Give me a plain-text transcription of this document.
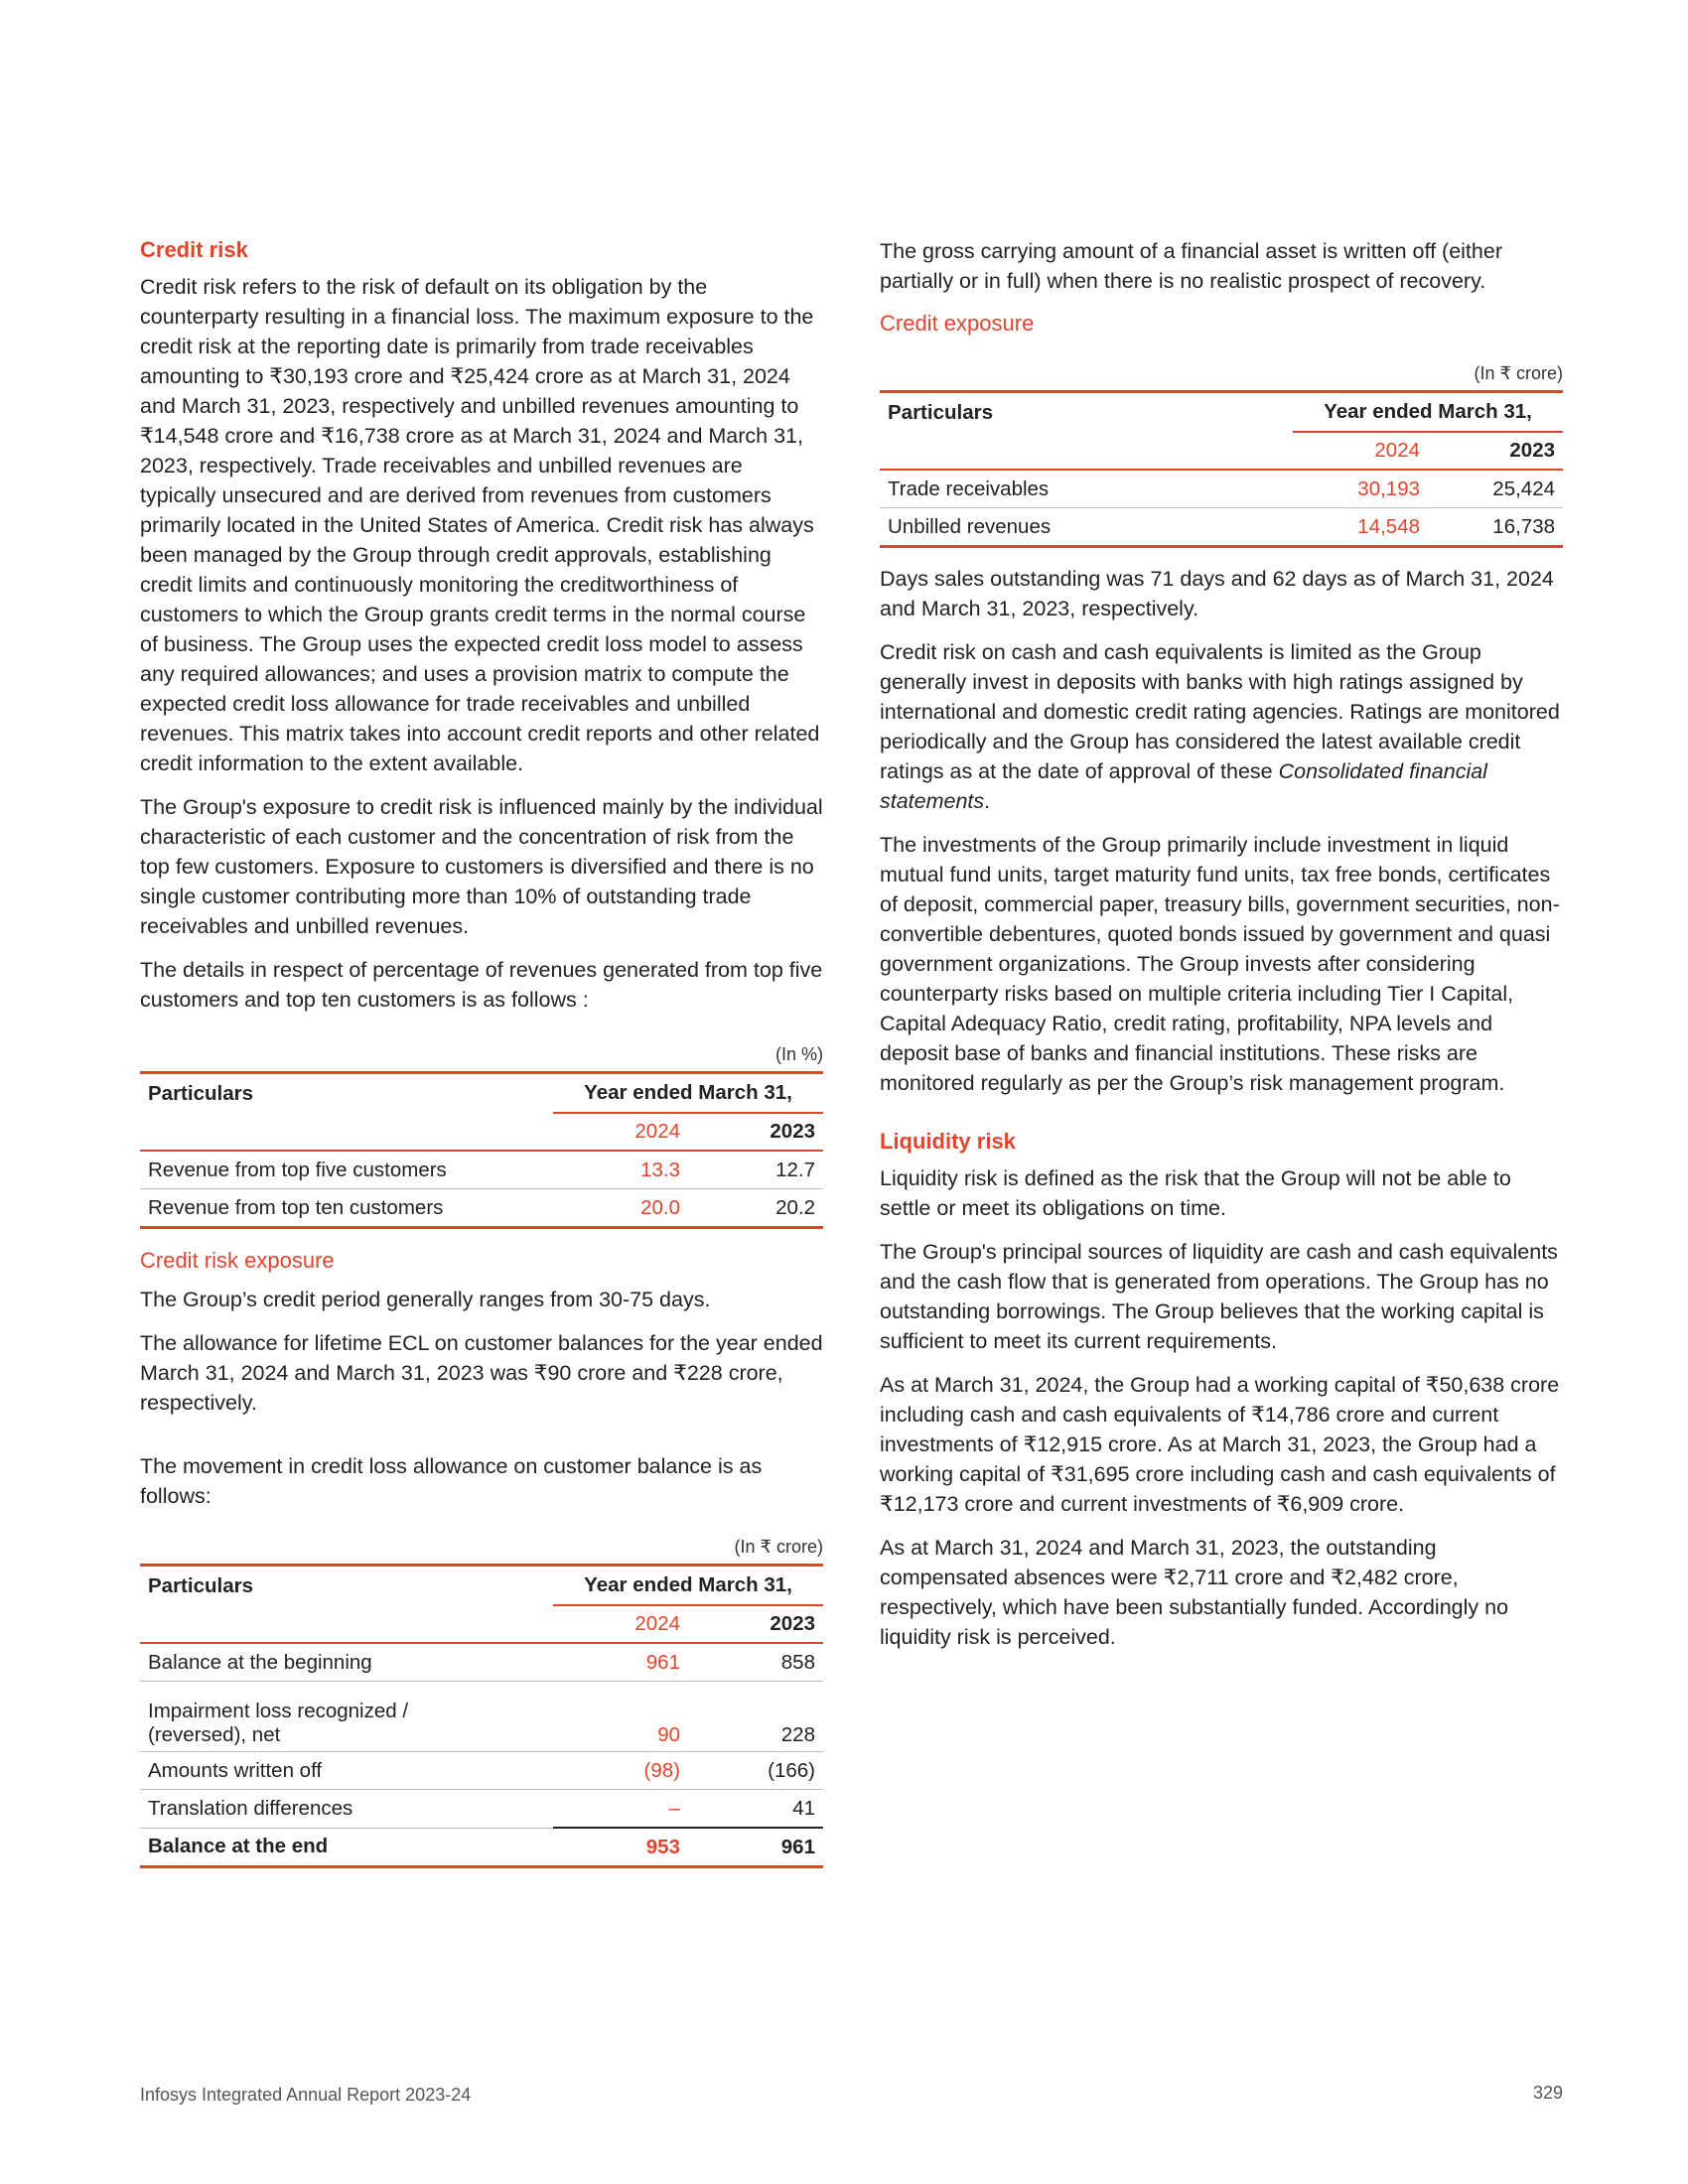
Credit risk

Credit risk refers to the risk of default on its obligation by the counterparty resulting in a financial loss. The maximum exposure to the credit risk at the reporting date is primarily from trade receivables amounting to ₹30,193 crore and ₹25,424 crore as at March 31, 2024 and March 31, 2023, respectively and unbilled revenues amounting to ₹14,548 crore and ₹16,738 crore as at March 31, 2024 and March 31, 2023, respectively. Trade receivables and unbilled revenues are typically unsecured and are derived from revenues from customers primarily located in the United States of America. Credit risk has always been managed by the Group through credit approvals, establishing credit limits and continuously monitoring the creditworthiness of customers to which the Group grants credit terms in the normal course of business. The Group uses the expected credit loss model to assess any required allowances; and uses a provision matrix to compute the expected credit loss allowance for trade receivables and unbilled revenues. This matrix takes into account credit reports and other related credit information to the extent available.

The Group's exposure to credit risk is influenced mainly by the individual characteristic of each customer and the concentration of risk from the top few customers. Exposure to customers is diversified and there is no single customer contributing more than 10% of outstanding trade receivables and unbilled revenues.

The details in respect of percentage of revenues generated from top five customers and top ten customers is as follows :

(In %)
Particulars	Year ended March 31,	
	2024	2023
Revenue from top five customers	13.3	12.7
Revenue from top ten customers	20.0	20.2
Credit risk exposure

The Group’s credit period generally ranges from 30-75 days.

The allowance for lifetime ECL on customer balances for the year ended March 31, 2024 and March 31, 2023 was ₹90 crore and ₹228 crore, respectively.

The movement in credit loss allowance on customer balance is as follows:

(In ₹ crore)
Particulars	Year ended March 31,	
	2024	2023
Balance at the beginning	961	858
Impairment loss recognized / (reversed), net	90	228
Amounts written off	(98)	(166)
Translation differences	–	41
Balance at the end	953	961

The gross carrying amount of a financial asset is written off (either partially or in full) when there is no realistic prospect of recovery.

Credit exposure
(In ₹ crore)
Particulars	Year ended March 31,	
	2024	2023
Trade receivables	30,193	25,424
Unbilled revenues	14,548	16,738

Days sales outstanding was 71 days and 62 days as of March 31, 2024 and March 31, 2023, respectively.

Credit risk on cash and cash equivalents is limited as the Group generally invest in deposits with banks with high ratings assigned by international and domestic credit rating agencies. Ratings are monitored periodically and the Group has considered the latest available credit ratings as at the date of approval of these Consolidated financial statements.

The investments of the Group primarily include investment in liquid mutual fund units, target maturity fund units, tax free bonds, certificates of deposit, commercial paper, treasury bills, government securities, non-convertible debentures, quoted bonds issued by government and quasi government organizations. The Group invests after considering counterparty risks based on multiple criteria including Tier I Capital, Capital Adequacy Ratio, credit rating, profitability, NPA levels and deposit base of banks and financial institutions. These risks are monitored regularly as per the Group’s risk management program.

Liquidity risk

Liquidity risk is defined as the risk that the Group will not be able to settle or meet its obligations on time.

The Group's principal sources of liquidity are cash and cash equivalents and the cash flow that is generated from operations. The Group has no outstanding borrowings. The Group believes that the working capital is sufficient to meet its current requirements.

As at March 31, 2024, the Group had a working capital of ₹50,638 crore including cash and cash equivalents of ₹14,786 crore and current investments of ₹12,915 crore. As at March 31, 2023, the Group had a working capital of ₹31,695 crore including cash and cash equivalents of ₹12,173 crore and current investments of ₹6,909 crore.

As at March 31, 2024 and March 31, 2023, the outstanding compensated absences were ₹2,711 crore and ₹2,482 crore, respectively, which have been substantially funded. Accordingly no liquidity risk is perceived.

Infosys Integrated Annual Report 2023-24	329
